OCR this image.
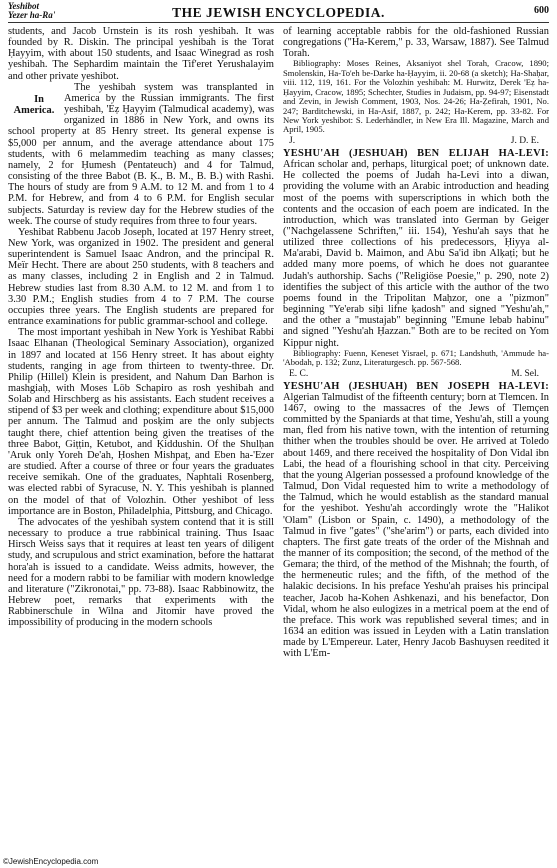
Yeshibot
Yezer ha-Ra'	THE JEWISH ENCYCLOPEDIA.	600

students, and Jacob Urnstein is its rosh yeshibah. It was founded by R. Diskin. The principal yeshibah is the Torat Ḥayyim, with about 150 students, and Isaac Winegrad as rosh yeshibah. The Sephardim maintain the Tif'eret Yerushalayim and other private yeshibot.

In America.
The yeshibah system was transplanted in America by the Russian immigrants. The first yeshibah, 'Eẓ Ḥayyim (Talmudical academy), was organized in 1886 in New York, and owns its school property at 85 Henry street. Its general expense is $5,000 per annum, and the average attendance about 175 students, with 6 melammedim teaching as many classes; namely, 2 for Ḥumesh (Pentateuch) and 4 for Talmud, consisting of the three Babot (B. Ḳ., B. M., B. B.) with Rashi. The hours of study are from 9 A.M. to 12 M. and from 1 to 4 P.M. for Hebrew, and from 4 to 6 P.M. for English secular subjects. Saturday is review day for the Hebrew studies of the week. The course of study requires from three to four years.

Yeshibat Rabbenu Jacob Joseph, located at 197 Henry street, New York, was organized in 1902. The president and general superintendent is Samuel Isaac Andron, and the principal R. Meïr Hecht. There are about 250 students, with 8 teachers and as many classes, including 2 in English and 2 in Talmud. Hebrew studies last from 8.30 A.M. to 12 M. and from 1 to 3.30 P.M.; English studies from 4 to 7 P.M. The course occupies three years. The English students are prepared for entrance examinations for public grammar-school and college.

The most important yeshibah in New York is Yeshibat Rabbi Isaac Elhanan (Theological Seminary Association), organized in 1897 and located at 156 Henry street. It has about eighty students, ranging in age from thirteen to twenty-three. Dr. Philip (Hillel) Klein is president, and Nahum Dan Barhon is mashgiaḥ, with Moses Löb Schapiro as rosh yeshibah and Solab and Hirschberg as his assistants. Each student receives a stipend of $3 per week and clothing; expenditure about $15,000 per annum. The Talmud and posḳim are the only subjects taught there, chief attention being given the treatises of the three Babot, Giṭṭin, Ketubot, and Ḳiddushin. Of the Shulḥan 'Aruk only Yoreh De'ah, Ḥoshen Mishpaṭ, and Eben ha-'Ezer are studied. After a course of three or four years the graduates receive semikah. One of the graduates, Naphtali Rosenberg, was elected rabbi of Syracuse, N. Y. This yeshibah is planned on the model of that of Volozhin. Other yeshibot of less importance are in Boston, Philadelphia, Pittsburg, and Chicago.

The advocates of the yeshibah system contend that it is still necessary to produce a true rabbinical training. Thus Isaac Hirsch Weiss says that it requires at least ten years of diligent study, and scrupulous and strict examination, before the hattarat hora'ah is issued to a candidate. Weiss admits, however, the need for a modern rabbi to be familiar with modern knowledge and literature ("Zikronotai," pp. 73-88). Isaac Rabbinowitz, the Hebrew poet, remarks that experiments with the Rabbinerschule in Wilna and Jitomir have proved the impossibility of producing in the modern schools

of learning acceptable rabbis for the old-fashioned Russian congregations ("Ha-Kerem," p. 33, Warsaw, 1887). See Talmud Torah.

Bibliography: Moses Reines, Aksaniyot shel Torah, Cracow, 1890; Smolenskin, Ha-To'eh be-Darke ha-Ḥayyim, ii. 20-68 (a sketch); Ha-Shaḥar, viii. 112, 119, 161. For the Volozhin yeshibah: M. Hurwitz, Derek 'Eẓ ha-Ḥayyim, Cracow, 1895; Schechter, Studies in Judaism, pp. 94-97; Eisenstadt and Zevin, in Jewish Comment, 1903, Nos. 24-26; Ha-Ẓefirah, 1901, No. 247; Barditchewski, in Ha-Asif, 1887, p. 242; Ha-Kerem, pp. 33-82. For New York yeshibot: S. Lederhändler, in New Era Ill. Magazine, March and April, 1905.

J.	J. D. E.

YESHU'AH (JESHUAH) BEN ELIJAH HA-LEVI: African scholar and, perhaps, liturgical poet; of unknown date. He collected the poems of Judah ha-Levi into a diwan, providing the volume with an Arabic introduction and heading most of the poems with superscriptions in which both the contents and the occasion of each poem are indicated. In the introduction, which was translated into German by Geiger ("Nachgelassene Schriften," iii. 154), Yeshu'ah says that he utilized three collections of his predecessors, Ḥiyya al-Ma'arabi, David b. Maimon, and Abu Sa'id ibn Alḳaṭi; but he added many more poems, of which he does not guarantee Judah's authorship. Sachs ("Religiöse Poesie," p. 290, note 2) identifies the subject of this article with the author of the two poems found in the Tripolitan Maḥzor, one a "pizmon" beginning "Ye'erab siḥi lifne ḳadosh" and signed "Yeshu'ah," and the other a "mustajab" beginning "Emune lebab habinu" and signed "Yeshu'ah Ḥazzan." Both are to be recited on Yom Kippur night.

Bibliography: Fuenn, Keneset Yisrael, p. 671; Landshuth, 'Ammude ha-'Abodah, p. 132; Zunz, Literaturgesch. pp. 567-568.

E. C.	M. Sel.

YESHU'AH (JESHUAH) BEN JOSEPH HA-LEVI: Algerian Talmudist of the fifteenth century; born at Tlemcen. In 1467, owing to the massacres of the Jews of Tlemçen committed by the Spaniards at that time, Yeshu'ah, still a young man, fled from his native town, with the intention of returning thither when the troubles should be over. He arrived at Toledo about 1469, and there received the hospitality of Don Vidal ibn Labi, the head of a flourishing school in that city. Perceiving that the young Algerian possessed a profound knowledge of the Talmud, Don Vidal requested him to write a methodology of the Talmud, which he would establish as the standard manual for the yeshibot. Yeshu'ah accordingly wrote the "Halikot 'Olam" (Lisbon or Spain, c. 1490), a methodology of the Talmud in five "gates" ("she'arim") or parts, each divided into chapters. The first gate treats of the order of the Mishnah and the manner of its composition; the second, of the method of the Gemara; the third, of the method of the Mishnah; the fourth, of the hermeneutic rules; and the fifth, of the method of the halakic decisions. In his preface Yeshu'ah praises his principal teacher, Jacob ha-Kohen Ashkenazi, and his benefactor, Don Vidal, whom he also eulogizes in a metrical poem at the end of the preface. This work was republished several times; and in 1634 an edition was issued in Leyden with a Latin translation made by L'Empereur. Later, Henry Jacob Bashuysen reedited it with L'Em-

©JewishEncyclopedia.com
